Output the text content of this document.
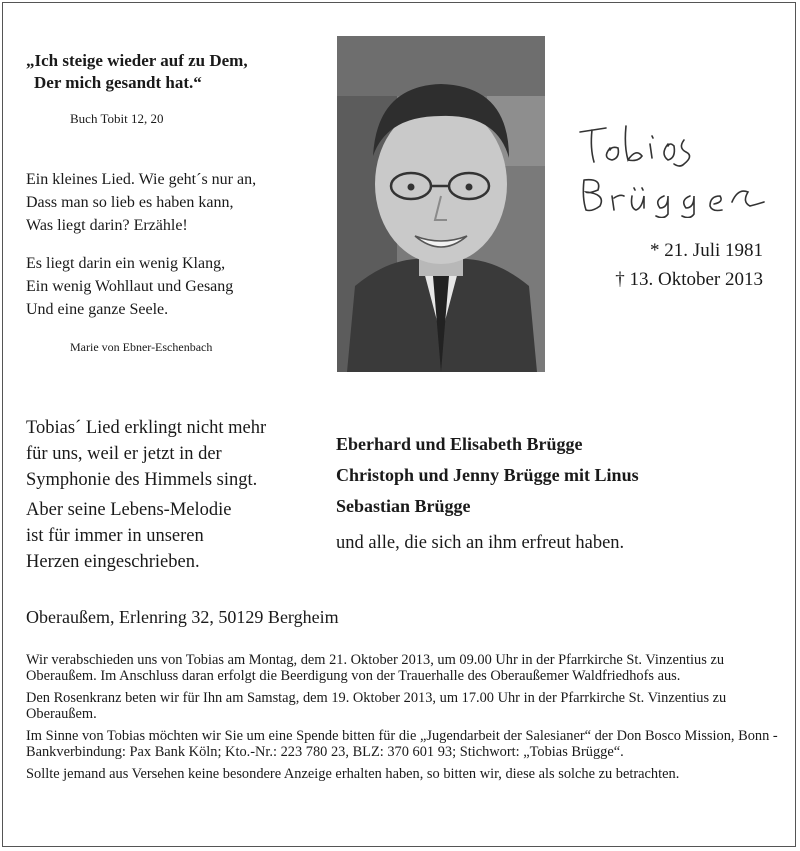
„Ich steige wieder auf zu Dem,

Der mich gesandt hat.“
Buch Tobit 12, 20
Ein kleines Lied. Wie geht´s nur an,
Dass man so lieb es haben kann,
Was liegt darin? Erzähle!
Es liegt darin ein wenig Klang,
Ein wenig Wohllaut und Gesang
Und eine ganze Seele.
Marie von Ebner-Eschenbach
* 21. Juli 1981
† 13. Oktober 2013
Tobias´ Lied erklingt nicht mehr
für uns, weil er jetzt in der
Symphonie des Himmels singt.
Aber seine Lebens-Melodie
ist für immer in unseren
Herzen eingeschrieben.
Eberhard und Elisabeth Brügge
Christoph und Jenny Brügge mit Linus
Sebastian Brügge
und alle, die sich an ihm erfreut haben.
Oberaußem, Erlenring 32, 50129 Bergheim

Wir verabschieden uns von Tobias am Montag, dem 21. Oktober 2013, um 09.00 Uhr in der Pfarrkirche St. Vinzentius zu Oberaußem. Im Anschluss daran erfolgt die Beerdigung von der Trauerhalle des Oberaußemer Waldfriedhofs aus.

Den Rosenkranz beten wir für Ihn am Samstag, dem 19. Oktober 2013, um 17.00 Uhr in der Pfarrkirche St. Vinzentius zu Oberaußem.

Im Sinne von Tobias möchten wir Sie um eine Spende bitten für die „Jugendarbeit der Salesianer“ der Don Bosco Mission, Bonn - Bankverbindung: Pax Bank Köln; Kto.-Nr.: 223 780 23, BLZ: 370 601 93; Stichwort: „Tobias Brügge“.

Sollte jemand aus Versehen keine besondere Anzeige erhalten haben, so bitten wir, diese als solche zu betrachten.
